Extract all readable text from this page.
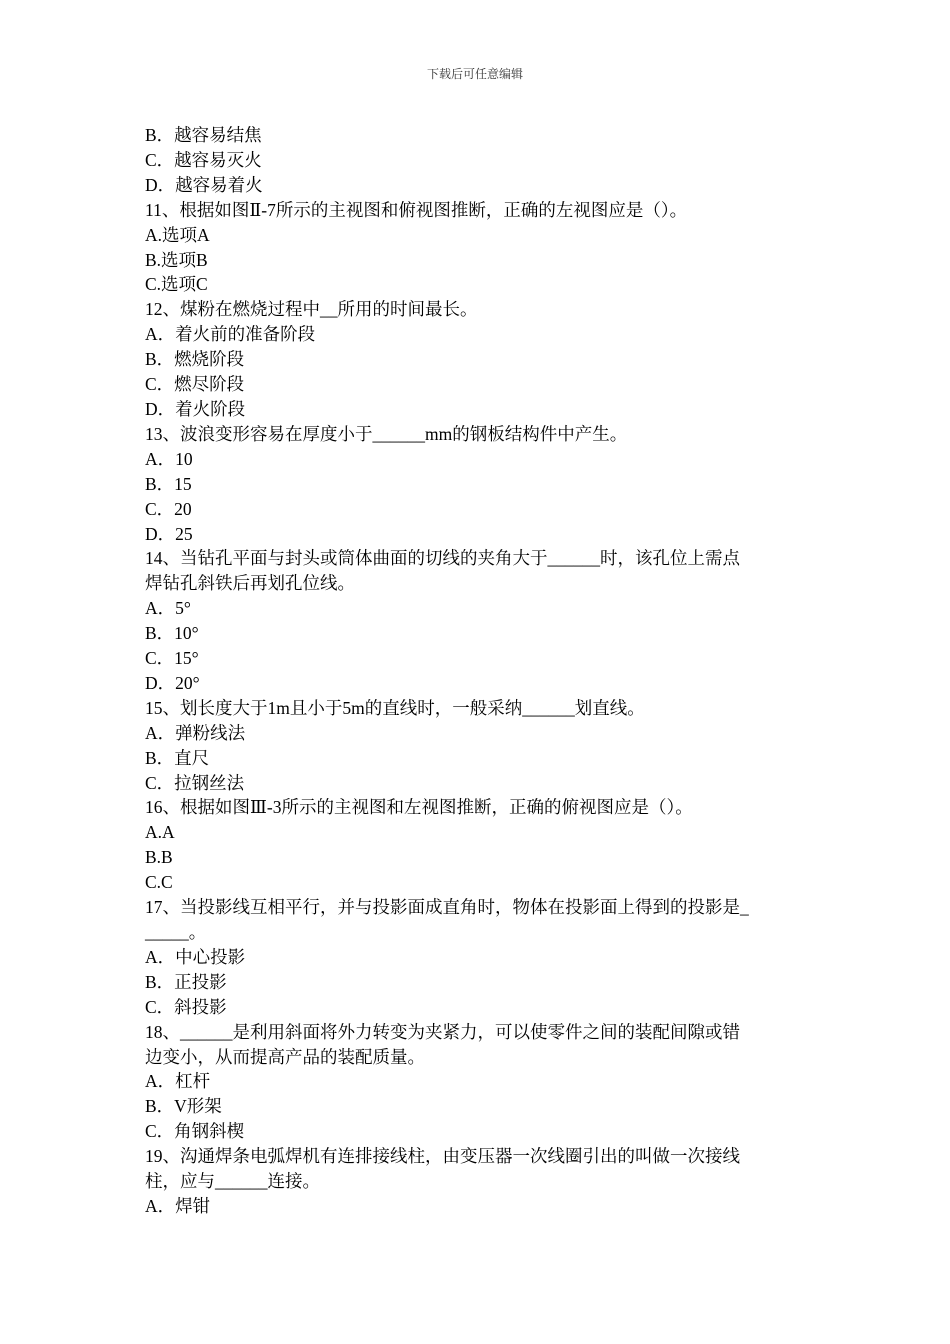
下载后可任意编辑

B．越容易结焦

C．越容易灭火

D．越容易着火

11、根据如图Ⅱ-7所示的主视图和俯视图推断，正确的左视图应是（）。

A.选项A

B.选项B

C.选项C

12、煤粉在燃烧过程中__所用的时间最长。

A．着火前的准备阶段

B．燃烧阶段

C．燃尽阶段

D．着火阶段

13、波浪变形容易在厚度小于______mm的钢板结构件中产生。

A．10

B．15

C．20

D．25

14、当钻孔平面与封头或筒体曲面的切线的夹角大于______时，该孔位上需点

焊钻孔斜铁后再划孔位线。

A．5°

B．10°

C．15°

D．20°

15、划长度大于1m且小于5m的直线时，一般采纳______划直线。

A．弹粉线法

B．直尺

C．拉钢丝法

16、根据如图Ⅲ-3所示的主视图和左视图推断，正确的俯视图应是（）。

A.A

B.B

C.C

17、当投影线互相平行，并与投影面成直角时，物体在投影面上得到的投影是_

_____。

A．中心投影

B．正投影

C．斜投影

18、______是利用斜面将外力转变为夹紧力，可以使零件之间的装配间隙或错

边变小，从而提高产品的装配质量。

A．杠杆

B．V形架

C．角钢斜楔

19、沟通焊条电弧焊机有连排接线柱，由变压器一次线圈引出的叫做一次接线

柱，应与______连接。

A．焊钳
